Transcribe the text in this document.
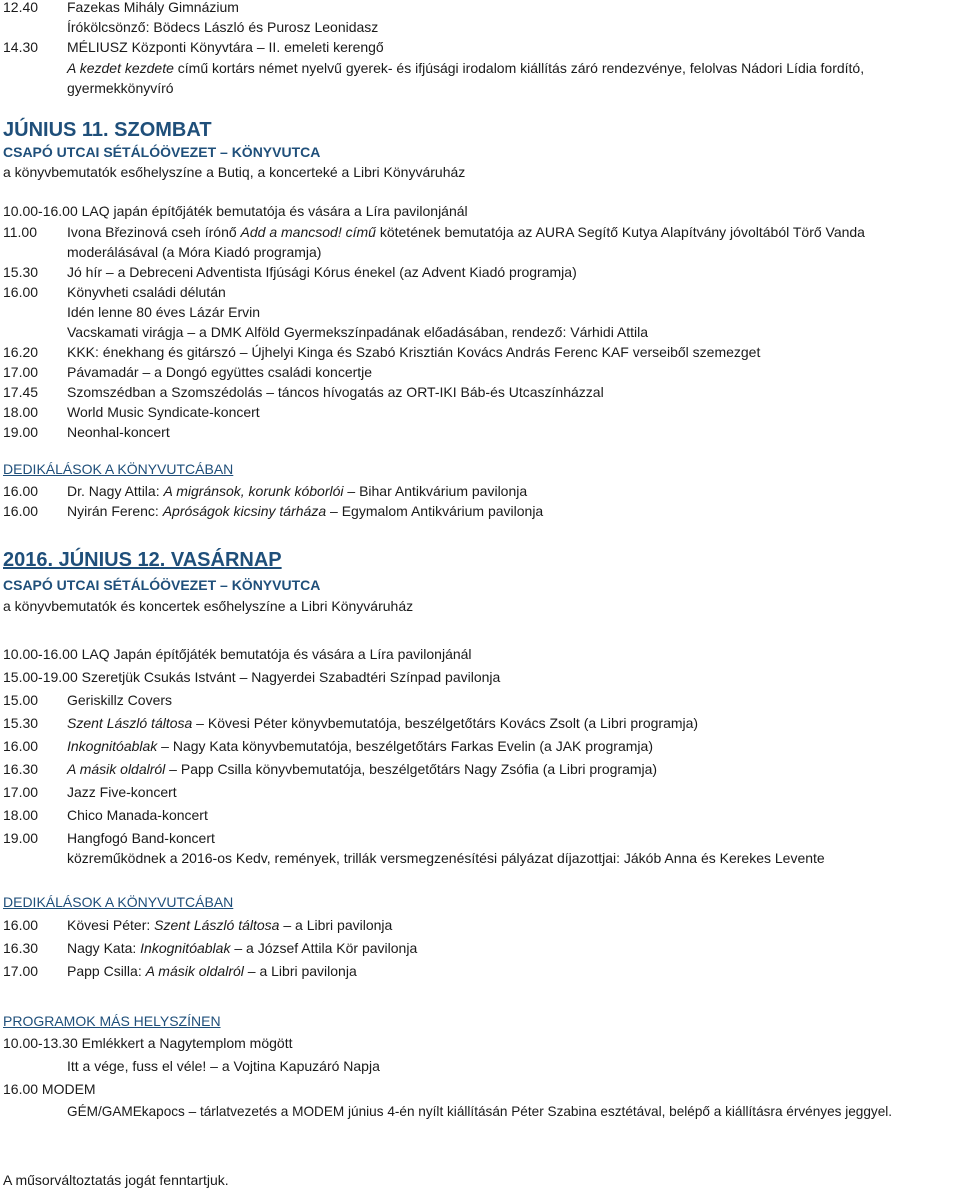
12.40 Fazekas Mihály Gimnázium
Írókölcsönző: Bödecs László és Purosz Leonidasz
14.30 MÉLIUSZ Központi Könyvtára – II. emeleti kerengő
A kezdet kezdete című kortárs német nyelvű gyerek- és ifjúsági irodalom kiállítás záró rendezvénye, felolvas Nádori Lídia fordító, gyermekkönyvíró
JÚNIUS 11. SZOMBAT
CSAPÓ UTCAI SÉTÁLÓÖVEZET – KÖNYVUTCA
a könyvbemutatók esőhelyszíne a Butiq, a koncerteké a Libri Könyváruház
10.00-16.00 LAQ japán építőjáték bemutatója és vására a Líra pavilonjánál
11.00	Ivona Březinová cseh írónő Add a mancsod! című kötetének bemutatója az AURA Segítő Kutya Alapítvány jóvoltából Törő Vanda moderálásával (a Móra Kiadó programja)
15.30 Jó hír – a Debreceni Adventista Ifjúsági Kórus énekel (az Advent Kiadó programja)
16.00 Könyvheti családi délután
Idén lenne 80 éves Lázár Ervin
Vacskamati virágja – a DMK Alföld Gyermekszínpadának előadásában, rendező: Várhidi Attila
16.20 KKK: énekhang és gitárszó – Újhelyi Kinga és Szabó Krisztián Kovács András Ferenc KAF verseiből szemezget
17.00 Pávamadár – a Dongó együttes családi koncertje
17.45 Szomszédban a Szomszédolás – táncos hívogatás az ORT-IKI Báb-és Utcaszínházzal
18.00 World Music Syndicate-koncert
19.00 Neonhal-koncert
DEDIKÁLÁSOK A KÖNYVUTCÁBAN
16.00 Dr. Nagy Attila: A migránsok, korunk kóborlói – Bihar Antikvárium pavilonja
16.00 Nyirán Ferenc: Apróságok kicsiny tárháza – Egymalom Antikvárium pavilonja
2016. JÚNIUS 12. VASÁRNAP
CSAPÓ UTCAI SÉTÁLÓÖVEZET – KÖNYVUTCA
a könyvbemutatók és koncertek esőhelyszíne a Libri Könyváruház
10.00-16.00 LAQ Japán építőjáték bemutatója és vására a Líra pavilonjánál
15.00-19.00 Szeretjük Csukás Istvánt – Nagyerdei Szabadtéri Színpad pavilonja
15.00 Geriskillz Covers
15.30 Szent László táltosa – Kövesi Péter könyvbemutatója, beszélgetőtárs Kovács Zsolt (a Libri programja)
16.00 Inkognitóablak – Nagy Kata könyvbemutatója, beszélgetőtárs Farkas Evelin (a JAK programja)
16.30 A másik oldalról – Papp Csilla könyvbemutatója, beszélgetőtárs Nagy Zsófia (a Libri programja)
17.00 Jazz Five-koncert
18.00 Chico Manada-koncert
19.00 Hangfogó Band-koncert
közreműködnek a 2016-os Kedv, remények, trillák versmegzenésítési pályázat díjazottjai: Jákób Anna és Kerekes Levente
DEDIKÁLÁSOK A KÖNYVUTCÁBAN
16.00 Kövesi Péter: Szent László táltosa – a Libri pavilonja
16.30 Nagy Kata: Inkognitóablak – a József Attila Kör pavilonja
17.00 Papp Csilla: A másik oldalról – a Libri pavilonja
PROGRAMOK MÁS HELYSZÍNEN
10.00-13.30 Emlékkert a Nagytemplom mögött
Itt a vége, fuss el véle! – a Vojtina Kapuzáró Napja
16.00 MODEM
GÉM/GAMEkapocs – tárlatvezetés a MODEM június 4-én nyílt kiállításán Péter Szabina esztétával, belépő a kiállításra érvényes jeggyel.
A műsorváltoztatás jogát fenntartjuk.
